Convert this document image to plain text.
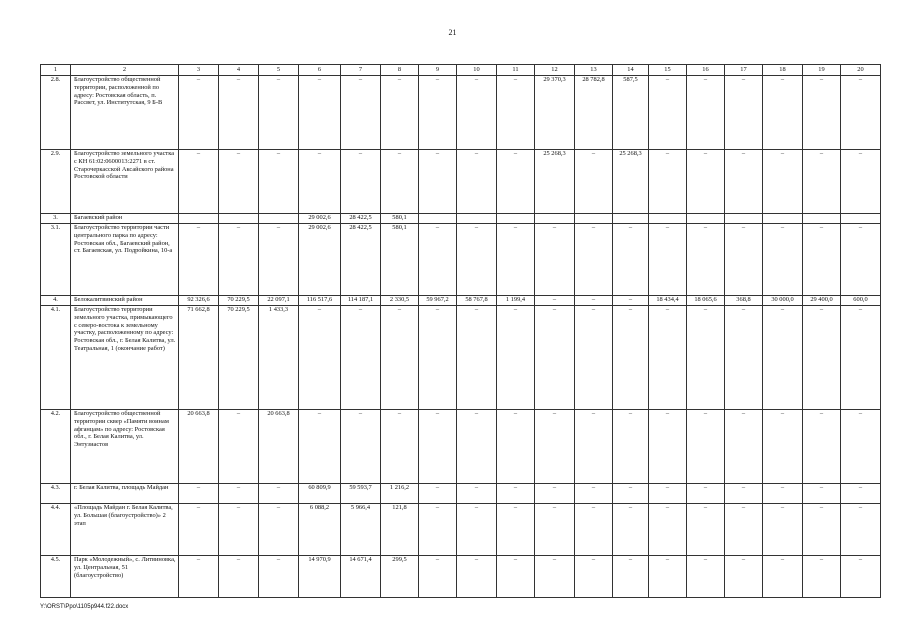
21
1	2	3	4	5	6	7	8	9	10	11	12	13	14	15	16	17	18	19	20
2.8.	Благоустройство общественной территории, расположенной по адресу: Ростовская область, п. Рассвет, ул. Институтская, 9 Б-В	–	–	–	–	–	–	–	–	–	29 370,3	28 782,8	587,5	–	–	–	–	–	–
2.9.	Благоустройство земельного участка с КН 61:02:0600013:2271 в ст. Старочеркасской Аксайского района Ростовской области	–	–	–	–	–	–	–	–	–	25 268,3	–	25 268,3	–	–	–	–	–	–
3.	Багаевский район				29 002,6	28 422,5	580,1												
3.1.	Благоустройство территории части центрального парка по адресу: Ростовская обл., Багаевский район, ст. Багаевская, ул. Подройкина, 10-а	–	–	–	29 002,6	28 422,5	580,1	–	–	–	–	–	–	–	–	–	–	–	–
4.	Белокалитвинский район	92 326,6	70 229,5	22 097,1	116 517,6	114 187,1	2 330,5	59 967,2	58 767,8	1 199,4	–	–	–	18 434,4	18 065,6	368,8	30 000,0	29 400,0	600,0
4.1.	Благоустройство территории земельного участка, примыкающего с северо-востока к земельному участку, расположенному по адресу: Ростовская обл., г. Белая Калитва, ул. Театральная, 1 (окончание работ)	71 662,8	70 229,5	1 433,3	–	–	–	–	–	–	–	–	–	–	–	–	–	–	–
4.2.	Благоустройство общественной территории сквер «Памяти воинам афганцам» по адресу: Ростовская обл., г. Белая Калитва, ул. Энтузиастов	20 663,8	–	20 663,8	–	–	–	–	–	–	–	–	–	–	–	–	–	–	–
4.3.	г. Белая Калитва, площадь Майдан	–	–	–	60 809,9	59 593,7	1 216,2	–	–	–	–	–	–	–	–	–	–	–	–
4.4.	«Площадь Майдан г. Белая Калитва, ул. Большая (благоустройство)» 2 этап	–	–	–	6 088,2	5 966,4	121,8	–	–	–	–	–	–	–	–	–	–	–	–
4.5.	Парк «Молодежный», с. Литвиновка, ул. Центральная, 51 (благоустройство)	–	–	–	14 970,9	14 671,4	299,5	–	–	–	–	–	–	–	–	–	–	–	–
Y:\ORST\Ppo\1105p944.f22.docx
